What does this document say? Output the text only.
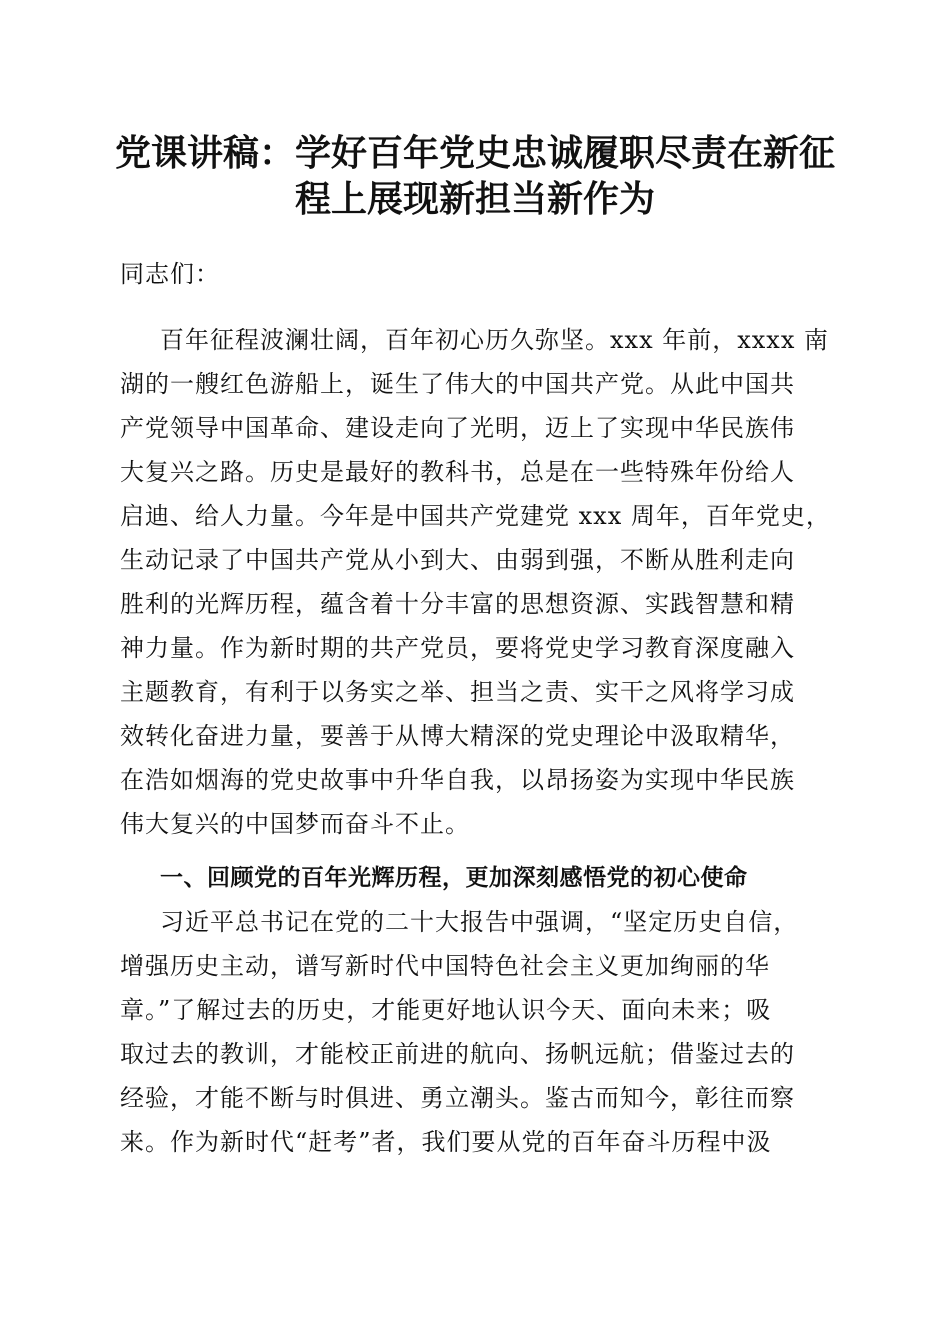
党课讲稿：学好百年党史忠诚履职尽责在新征
程上展现新担当新作为
同志们：
百年征程波澜壮阔，百年初心历久弥坚。xxx 年前，xxxx 南
湖的一艘红色游船上，诞生了伟大的中国共产党。从此中国共
产党领导中国革命、建设走向了光明，迈上了实现中华民族伟
大复兴之路。历史是最好的教科书，总是在一些特殊年份给人
启迪、给人力量。今年是中国共产党建党 xxx 周年，百年党史，
生动记录了中国共产党从小到大、由弱到强，不断从胜利走向
胜利的光辉历程，蕴含着十分丰富的思想资源、实践智慧和精
神力量。作为新时期的共产党员，要将党史学习教育深度融入
主题教育，有利于以务实之举、担当之责、实干之风将学习成
效转化奋进力量，要善于从博大精深的党史理论中汲取精华，
在浩如烟海的党史故事中升华自我，以昂扬姿为实现中华民族
伟大复兴的中国梦而奋斗不止。
一、回顾党的百年光辉历程，更加深刻感悟党的初心使命
习近平总书记在党的二十大报告中强调，“坚定历史自信，
增强历史主动，谱写新时代中国特色社会主义更加绚丽的华
章。”了解过去的历史，才能更好地认识今天、面向未来；吸
取过去的教训，才能校正前进的航向、扬帆远航；借鉴过去的
经验，才能不断与时俱进、勇立潮头。鉴古而知今，彰往而察
来。作为新时代“赶考”者，我们要从党的百年奋斗历程中汲
